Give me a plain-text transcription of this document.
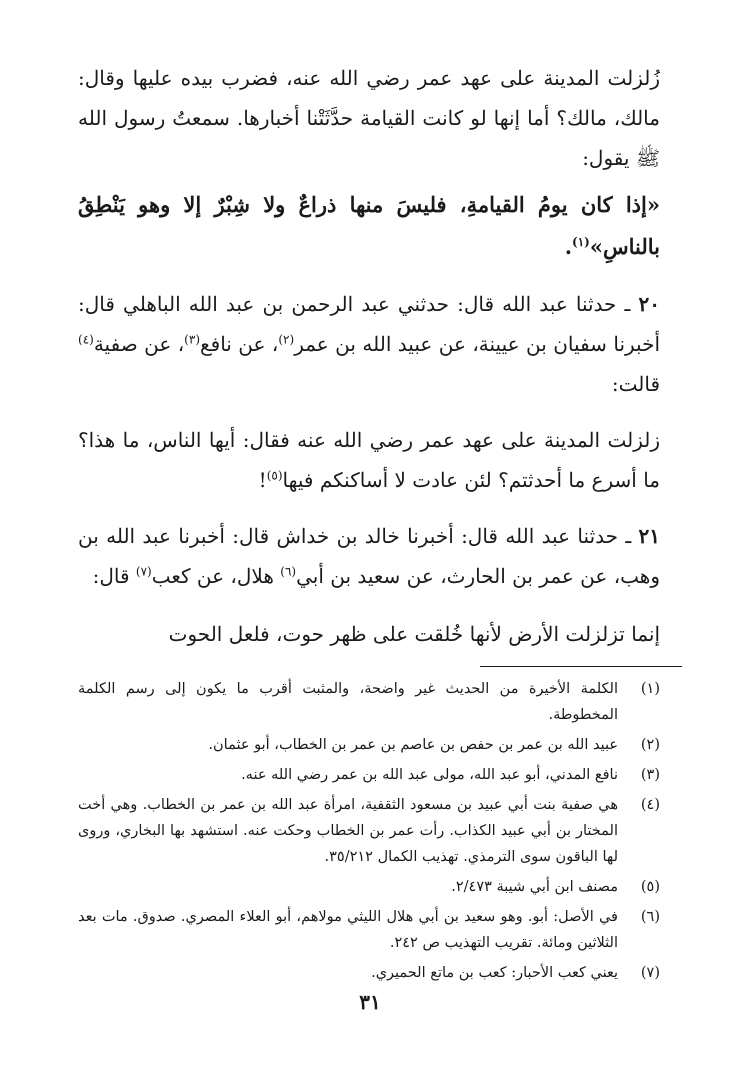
زُلزلت المدينة على عهد عمر رضي الله عنه، فضرب بيده عليها وقال: مالك، مالك؟ أما إنها لو كانت القيامة حدَّثَتْنا أخبارها. سمعتُ رسول الله ﷺ يقول:

«إذا كان يومُ القيامةِ، فليسَ منها ذراعٌ ولا شِبْرٌ إلا وهو يَنْطِقُ بالناسِ»$^{(١)}$.

٢٠ ـ حدثنا عبد الله قال: حدثني عبد الرحمن بن عبد الله الباهلي قال: أخبرنا سفيان بن عيينة، عن عبيد الله بن عمر$^{(٢)}$، عن نافع$^{(٣)}$، عن صفية$^{(٤)}$ قالت:

زلزلت المدينة على عهد عمر رضي الله عنه فقال: أيها الناس، ما هذا؟ ما أسرع ما أحدثتم؟ لئن عادت لا أساكنكم فيها$^{(٥)}$!

٢١ ـ حدثنا عبد الله قال: أخبرنا خالد بن خداش قال: أخبرنا عبد الله بن وهب، عن عمر بن الحارث، عن سعيد بن أبي$^{(٦)}$ هلال، عن كعب$^{(٧)}$ قال:

إنما تزلزلت الأرض لأنها خُلقت على ظهر حوت، فلعل الحوت

(١)
الكلمة الأخيرة من الحديث غير واضحة، والمثبت أقرب ما يكون إلى رسم الكلمة المخطوطة.
(٢)
عبيد الله بن عمر بن حفص بن عاصم بن عمر بن الخطاب، أبو عثمان.
(٣)
نافع المدني، أبو عبد الله، مولى عبد الله بن عمر رضي الله عنه.
(٤)
هي صفية بنت أبي عبيد بن مسعود الثقفية، امرأة عبد الله بن عمر بن الخطاب. وهي أخت المختار بن أبي عبيد الكذاب. رأت عمر بن الخطاب وحكت عنه. استشهد بها البخاري، وروى لها الباقون سوى الترمذي. تهذيب الكمال ٣٥/٢١٢.
(٥)
مصنف ابن أبي شيبة ٢/٤٧٣.
(٦)
في الأصل: أبو. وهو سعيد بن أبي هلال الليثي مولاهم، أبو العلاء المصري. صدوق. مات بعد الثلاثين ومائة. تقريب التهذيب ص ٢٤٢.
(٧)
يعني كعب الأحبار: كعب بن ماتع الحميري.
٣١
